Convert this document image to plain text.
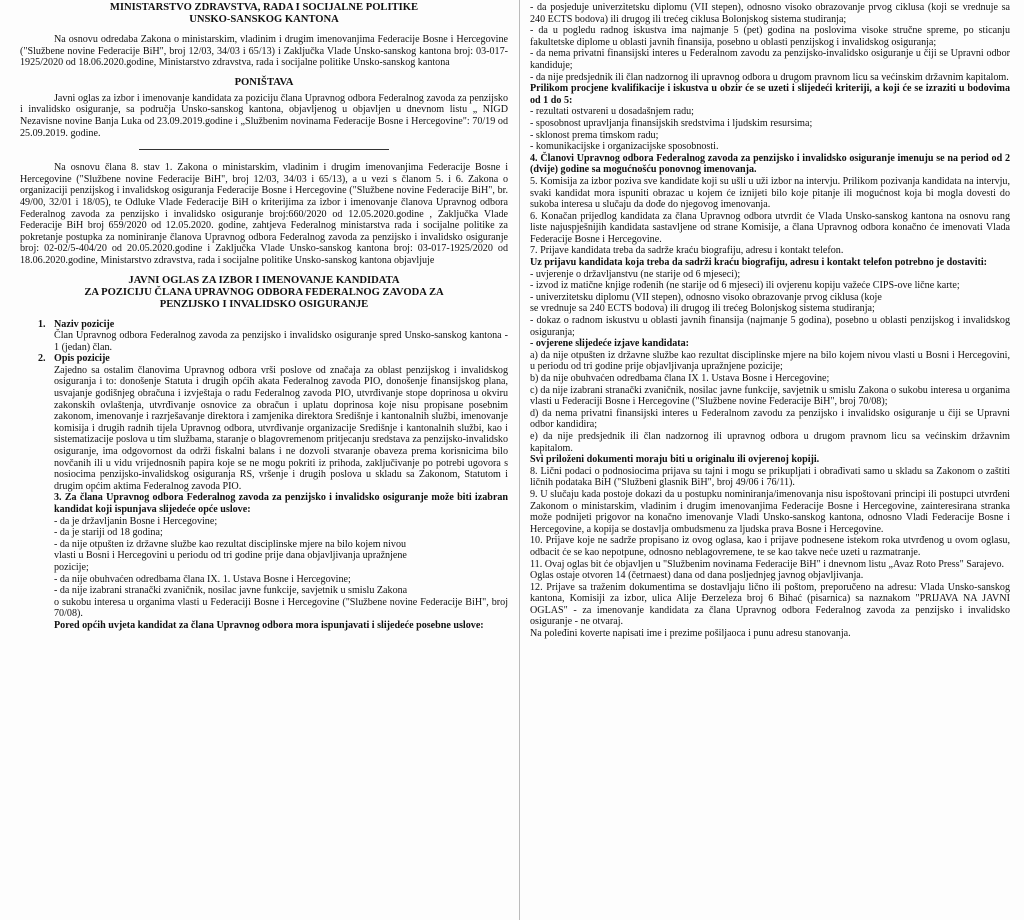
MINISTARSTVO ZDRAVSTVA, RADA I SOCIJALNE POLITIKE

UNSKO-SANSKOG KANTONA

Na osnovu odredaba Zakona o ministarskim, vladinim i drugim imenovanjima Federacije Bosne i Hercegovine ("Službene novine Federacije BiH", broj 12/03, 34/03 i 65/13) i Zaključka Vlade Unsko-sanskog kantona broj: 03-017-1925/2020 od 18.06.2020.godine, Ministarstvo zdravstva, rada i socijalne politike Unsko-sanskog kantona

PONIŠTAVA

Javni oglas za izbor i imenovanje kandidata za poziciju člana Upravnog odbora Federalnog zavoda za penzijsko i invalidsko osiguranje, sa područja Unsko-sanskog kantona, objavljenog u objavljen u dnevnom listu „ NIGD Nezavisne novine Banja Luka od 23.09.2019.godine i „Službenim novinama Federacije Bosne i Hercegovine": 70/19 od 25.09.2019. godine.

Na osnovu člana 8. stav 1. Zakona o ministarskim, vladinim i drugim imenovanjima Federacije Bosne i Hercegovine ("Službene novine Federacije BiH", broj 12/03, 34/03 i 65/13), a u vezi s članom 5. i 6. Zakona o organizaciji penzijskog i invalidskog osiguranja Federacije Bosne i Hercegovine ("Službene novine Federacije BiH", br. 49/00, 32/01 i 18/05), te Odluke Vlade Federacije BiH o kriterijima za izbor i imenovanje članova Upravnog odbora Federalnog zavoda za penzijsko i invalidsko osiguranje broj:660/2020 od 12.05.2020.godine , Zaključka Vlade Federacije BiH broj 659/2020 od 12.05.2020. godine, zahtjeva Federalnog ministarstva rada i socijalne politike za pokretanje postupka za nominiranje članova Upravnog odbora Federalnog zavoda za penzijsko i invalidsko osiguranje broj: 02-02/5-404/20 od 20.05.2020.godine i Zaključka Vlade Unsko-sanskog kantona broj: 03-017-1925/2020 od 18.06.2020.godine, Ministarstvo zdravstva, rada i socijalne politike Unsko-sanskog kantona objavljuje

JAVNI OGLAS ZA IZBOR I IMENOVANJE KANDIDATA

ZA POZICIJU ČLANA UPRAVNOG ODBORA FEDERALNOG ZAVODA ZA

PENZIJSKO I INVALIDSKO OSIGURANJE

1. Naziv pozicije

Član Upravnog odbora Federalnog zavoda za penzijsko i invalidsko osiguranje spred Unsko-sanskog kantona - 1 (jedan) član.

2. Opis pozicije

Zajedno sa ostalim članovima Upravnog odbora vrši poslove od značaja za oblast penzijskog i invalidskog osiguranja i to: donošenje Statuta i drugih općih akata Federalnog zavoda PIO, donošenje finansijskog plana, usvajanje godišnjeg obračuna i izvještaja o radu Federalnog zavoda PIO, utvrđivanje stope doprinosa u okviru zakonskih ovlaštenja, utvrđivanje osnovice za obračun i uplatu doprinosa koje nisu propisane posebnim zakonom, imenovanje i razrješavanje direktora i zamjenika direktora Središnje i kantonalnih službi, imenovanje komisija i drugih radnih tijela Upravnog odbora, utvrđivanje organizacije Središnje i kantonalnih službi, kao i sistematizacije poslova u tim službama, staranje o blagovremenom pritjecanju sredstava za penzijsko-invalidsko osiguranje, ima odgovornost da održi fiskalni balans i ne dozvoli stvaranje obaveza prema korisnicima bilo novčanih ili u vidu vrijednosnih papira koje se ne mogu pokriti iz prihoda, zaključivanje po potrebi ugovora s nosiocima penzijsko-invalidskog osiguranja RS, vršenje i drugih poslova u skladu sa Zakonom, Statutom i drugim općim aktima Federalnog zavoda PIO.

3. Za člana Upravnog odbora Federalnog zavoda za penzijsko i invalidsko osiguranje može biti izabran kandidat koji ispunjava slijedeće opće uslove:

- da je državljanin Bosne i Hercegovine;

- da je stariji od 18 godina;

- da nije otpušten iz državne službe kao rezultat disciplinske mjere na bilo kojem nivou

vlasti u Bosni i Hercegovini u periodu od tri godine prije dana objavljivanja upražnjene

pozicije;

- da nije obuhvaćen odredbama člana IX. 1. Ustava Bosne i Hercegovine;

- da nije izabrani stranački zvaničnik, nosilac javne funkcije, savjetnik u smislu Zakona

o sukobu interesa u organima vlasti u Federaciji Bosne i Hercegovine ("Službene novine Federacije BiH", broj 70/08).

Pored općih uvjeta kandidat za člana Upravnog odbora mora ispunjavati i slijedeće posebne uslove:

- da posjeduje univerzitetsku diplomu (VII stepen), odnosno visoko obrazovanje prvog ciklusa (koji se vrednuje sa 240 ECTS bodova) ili drugog ili trećeg ciklusa Bolonjskog sistema studiranja;

- da u pogledu radnog iskustva ima najmanje 5 (pet) godina na poslovima visoke stručne spreme, po sticanju fakultetske diplome u oblasti javnih finansija, posebno u oblasti penzijskog i invalidskog osiguranja;

- da nema privatni finansijski interes u Federalnom zavodu za penzijsko-invalidsko osiguranje u čiji se Upravni odbor kandiduje;

- da nije predsjednik ili član nadzornog ili upravnog odbora u drugom pravnom licu sa većinskim državnim kapitalom.

Prilikom procjene kvalifikacije i iskustva u obzir će se uzeti i slijedeći kriteriji, a koji će se izraziti u bodovima od 1 do 5:

- rezultati ostvareni u dosadašnjem radu;

- sposobnost upravljanja finansijskih sredstvima i ljudskim resursima;

- sklonost prema timskom radu;

- komunikacijske i organizacijske sposobnosti.

4. Članovi Upravnog odbora Federalnog zavoda za penzijsko i invalidsko osiguranje imenuju se na period od 2 (dvije) godine sa mogućnošću ponovnog imenovanja.

5. Komisija za izbor poziva sve kandidate koji su ušli u uži izbor na intervju. Prilikom pozivanja kandidata na intervju, svaki kandidat mora ispuniti obrazac u kojem će iznijeti bilo koje pitanje ili mogućnost koja bi mogla dovesti do sukoba interesa u slučaju da dođe do njegovog imenovanja.

6. Konačan prijedlog kandidata za člana Upravnog odbora utvrdit će Vlada Unsko-sanskog kantona na osnovu rang liste najuspješnijih kandidata sastavljene od strane Komisije, a člana Upravnog odbora konačno će imenovati Vlada Federacije Bosne i Hercegovine.

7. Prijave kandidata treba da sadrže kraću biografiju, adresu i kontakt telefon.

Uz prijavu kandidata koja treba da sadrži kraću biografiju, adresu i kontakt telefon potrebno je dostaviti:

- uvjerenje o državljanstvu (ne starije od 6 mjeseci);

- izvod iz matične knjige rođenih (ne starije od 6 mjeseci) ili ovjerenu kopiju važeće CIPS-ove lične karte;

- univerzitetsku diplomu (VII stepen), odnosno visoko obrazovanje prvog ciklusa (koje

se vrednuje sa 240 ECTS bodova) ili drugog ili trećeg Bolonjskog sistema studiranja;

- dokaz o radnom iskustvu u oblasti javnih finansija (najmanje 5 godina), posebno u oblasti penzijskog i invalidskog osiguranja;

- ovjerene slijedeće izjave kandidata:

a) da nije otpušten iz državne službe kao rezultat disciplinske mjere na bilo kojem nivou vlasti u Bosni i Hercegovini, u periodu od tri godine prije objavljivanja upražnjene pozicije;

b) da nije obuhvaćen odredbama člana IX 1. Ustava Bosne i Hercegovine;

c) da nije izabrani stranački zvaničnik, nosilac javne funkcije, savjetnik u smislu Zakona o sukobu interesa u organima vlasti u Federaciji Bosne i Hercegovine ("Službene novine Federacije BiH", broj 70/08);

d) da nema privatni finansijski interes u Federalnom zavodu za penzijsko i invalidsko osiguranje u čiji se Upravni odbor kandidira;

e) da nije predsjednik ili član nadzornog ili upravnog odbora u drugom pravnom licu sa većinskim državnim kapitalom.

Svi priloženi dokumenti moraju biti u originalu ili ovjerenoj kopiji.

8. Lični podaci o podnosiocima prijava su tajni i mogu se prikupljati i obrađivati samo u skladu sa Zakonom o zaštiti ličnih podataka BiH ("Službeni glasnik BiH", broj 49/06 i 76/11).

9. U slučaju kada postoje dokazi da u postupku nominiranja/imenovanja nisu ispoštovani principi ili postupci utvrđeni Zakonom o ministarskim, vladinim i drugim imenovanjima Federacije Bosne i Hercegovine, zainteresirana stranka može podnijeti prigovor na konačno imenovanje Vladi Unsko-sanskog kantona, odnosno Vladi Federacije Bosne i Hercegovine, a kopija se dostavlja ombudsmenu za ljudska prava Bosne i Hercegovine.

10. Prijave koje ne sadrže propisano iz ovog oglasa, kao i prijave podnesene istekom roka utvrđenog u ovom oglasu, odbacit će se kao nepotpune, odnosno neblagovremene, te se kao takve neće uzeti u razmatranje.

11. Ovaj oglas bit će objavljen u "Službenim novinama Federacije BiH" i dnevnom listu „Avaz Roto Press" Sarajevo.

Oglas ostaje otvoren 14 (četrnaest) dana od dana posljednjeg javnog objavljivanja.

12. Prijave sa traženim dokumentima se dostavljaju lično ili poštom, preporučeno na adresu: Vlada Unsko-sanskog kantona, Komisiji za izbor, ulica Alije Đerzeleza broj 6 Bihać (pisarnica) sa naznakom "PRIJAVA NA JAVNI OGLAS" - za imenovanje kandidata za člana Upravnog odbora Federalnog zavoda za penzijsko i invalidsko osiguranje - ne otvaraj.

Na poleđini koverte napisati ime i prezime pošiljaoca i punu adresu stanovanja.
